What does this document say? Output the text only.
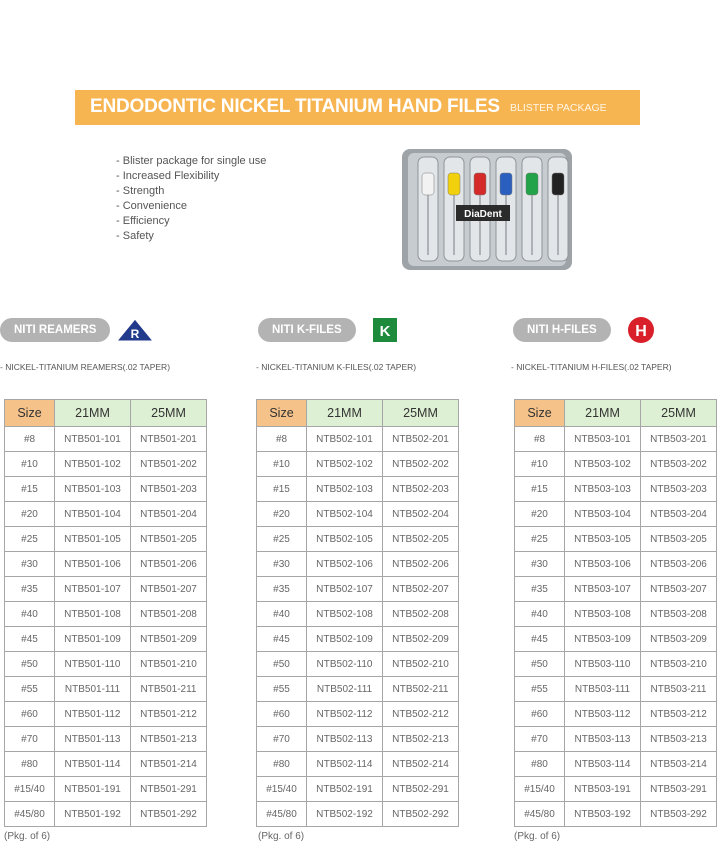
ENDODONTIC NICKEL TITANIUM HAND FILES BLISTER PACKAGE
- Blister package for single use
- Increased Flexibility
- Strength
- Convenience
- Efficiency
- Safety
DiaDent
NITI REAMERS	R
- NICKEL-TITANIUM REAMERS(.02 TAPER)
Size	21MM	25MM
#8	NTB501-101	NTB501-201
#10	NTB501-102	NTB501-202
#15	NTB501-103	NTB501-203
#20	NTB501-104	NTB501-204
#25	NTB501-105	NTB501-205
#30	NTB501-106	NTB501-206
#35	NTB501-107	NTB501-207
#40	NTB501-108	NTB501-208
#45	NTB501-109	NTB501-209
#50	NTB501-110	NTB501-210
#55	NTB501-111	NTB501-211
#60	NTB501-112	NTB501-212
#70	NTB501-113	NTB501-213
#80	NTB501-114	NTB501-214
#15/40	NTB501-191	NTB501-291
#45/80	NTB501-192	NTB501-292
(Pkg. of 6)
NITI K-FILES	K
- NICKEL-TITANIUM K-FILES(.02 TAPER)
Size	21MM	25MM
#8	NTB502-101	NTB502-201
#10	NTB502-102	NTB502-202
#15	NTB502-103	NTB502-203
#20	NTB502-104	NTB502-204
#25	NTB502-105	NTB502-205
#30	NTB502-106	NTB502-206
#35	NTB502-107	NTB502-207
#40	NTB502-108	NTB502-208
#45	NTB502-109	NTB502-209
#50	NTB502-110	NTB502-210
#55	NTB502-111	NTB502-211
#60	NTB502-112	NTB502-212
#70	NTB502-113	NTB502-213
#80	NTB502-114	NTB502-214
#15/40	NTB502-191	NTB502-291
#45/80	NTB502-192	NTB502-292
(Pkg. of 6)
NITI H-FILES	H
- NICKEL-TITANIUM H-FILES(.02 TAPER)
Size	21MM	25MM
#8	NTB503-101	NTB503-201
#10	NTB503-102	NTB503-202
#15	NTB503-103	NTB503-203
#20	NTB503-104	NTB503-204
#25	NTB503-105	NTB503-205
#30	NTB503-106	NTB503-206
#35	NTB503-107	NTB503-207
#40	NTB503-108	NTB503-208
#45	NTB503-109	NTB503-209
#50	NTB503-110	NTB503-210
#55	NTB503-111	NTB503-211
#60	NTB503-112	NTB503-212
#70	NTB503-113	NTB503-213
#80	NTB503-114	NTB503-214
#15/40	NTB503-191	NTB503-291
#45/80	NTB503-192	NTB503-292
(Pkg. of 6)
